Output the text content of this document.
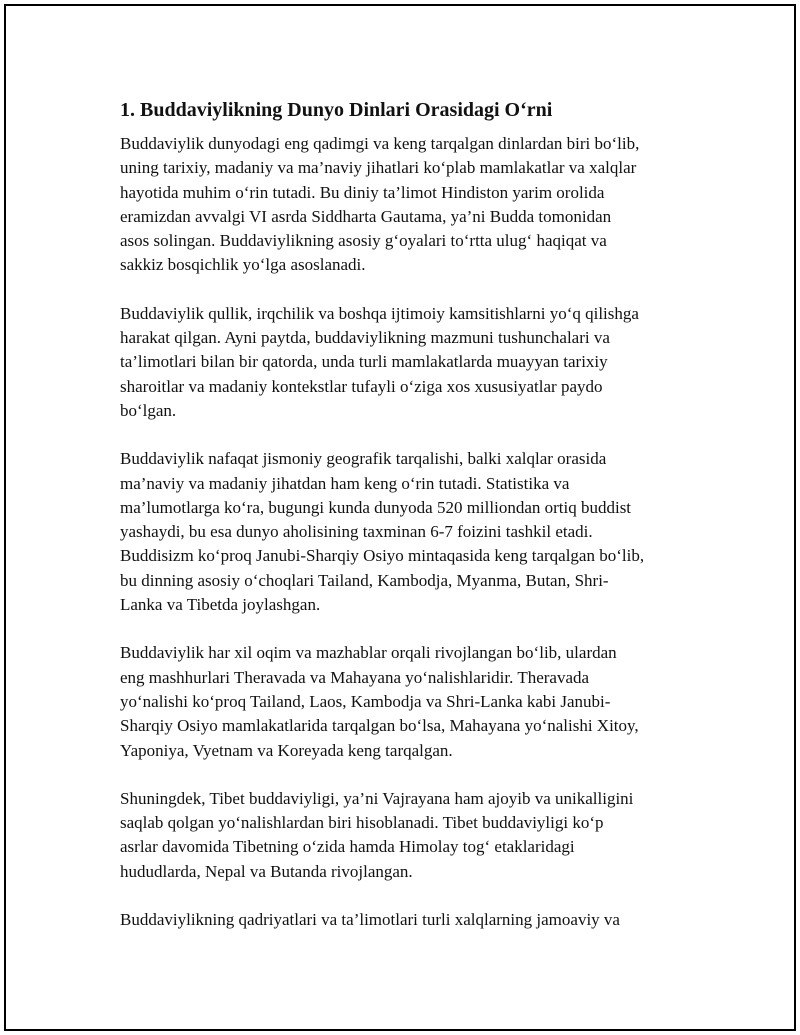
1. Buddaviylikning Dunyo Dinlari Orasidagi O‘rni

Buddaviylik dunyodagi eng qadimgi va keng tarqalgan dinlardan biri bo‘lib,
uning tarixiy, madaniy va ma’naviy jihatlari ko‘plab mamlakatlar va xalqlar
hayotida muhim o‘rin tutadi. Bu diniy ta’limot Hindiston yarim orolida
eramizdan avvalgi VI asrda Siddharta Gautama, ya’ni Budda tomonidan
asos solingan. Buddaviylikning asosiy g‘oyalari to‘rtta ulug‘ haqiqat va
sakkiz bosqichlik yo‘lga asoslanadi.

Buddaviylik qullik, irqchilik va boshqa ijtimoiy kamsitishlarni yo‘q qilishga
harakat qilgan. Ayni paytda, buddaviylikning mazmuni tushunchalari va
ta’limotlari bilan bir qatorda, unda turli mamlakatlarda muayyan tarixiy
sharoitlar va madaniy kontekstlar tufayli o‘ziga xos xususiyatlar paydo
bo‘lgan.

Buddaviylik nafaqat jismoniy geografik tarqalishi, balki xalqlar orasida
ma’naviy va madaniy jihatdan ham keng o‘rin tutadi. Statistika va
ma’lumotlarga ko‘ra, bugungi kunda dunyoda 520 milliondan ortiq buddist
yashaydi, bu esa dunyo aholisining taxminan 6-7 foizini tashkil etadi.
Buddisizm ko‘proq Janubi-Sharqiy Osiyo mintaqasida keng tarqalgan bo‘lib,
bu dinning asosiy o‘choqlari Tailand, Kambodja, Myanma, Butan, Shri-
Lanka va Tibetda joylashgan.

Buddaviylik har xil oqim va mazhablar orqali rivojlangan bo‘lib, ulardan
eng mashhurlari Theravada va Mahayana yo‘nalishlaridir. Theravada
yo‘nalishi ko‘proq Tailand, Laos, Kambodja va Shri-Lanka kabi Janubi-
Sharqiy Osiyo mamlakatlarida tarqalgan bo‘lsa, Mahayana yo‘nalishi Xitoy,
Yaponiya, Vyetnam va Koreyada keng tarqalgan.

Shuningdek, Tibet buddaviyligi, ya’ni Vajrayana ham ajoyib va unikalligini
saqlab qolgan yo‘nalishlardan biri hisoblanadi. Tibet buddaviyligi ko‘p
asrlar davomida Tibetning o‘zida hamda Himolay tog‘ etaklaridagi
hududlarda, Nepal va Butanda rivojlangan.

Buddaviylikning qadriyatlari va ta’limotlari turli xalqlarning jamoaviy va
